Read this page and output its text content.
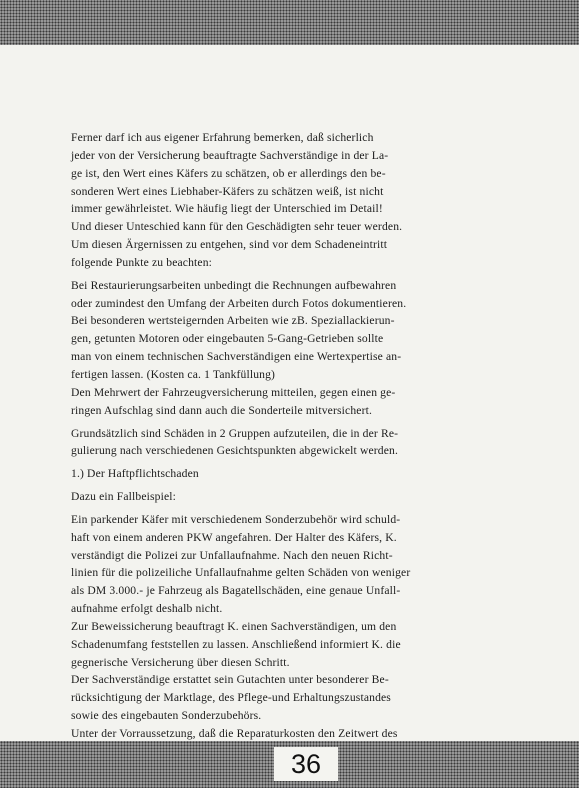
Ferner darf ich aus eigener Erfahrung bemerken, daß sicherlich

jeder von der Versicherung beauftragte Sachverständige in der La-

ge ist, den Wert eines Käfers zu schätzen, ob er allerdings den be-

sonderen Wert eines Liebhaber-Käfers zu schätzen weiß, ist nicht

immer gewährleistet. Wie häufig liegt der Unterschied im Detail!

Und dieser Unteschied kann für den Geschädigten sehr teuer werden.

Um diesen Ärgernissen zu entgehen, sind vor dem Schadeneintritt

folgende Punkte zu beachten:

Bei Restaurierungsarbeiten unbedingt die Rechnungen aufbewahren

oder zumindest den Umfang der Arbeiten durch Fotos dokumentieren.

Bei besonderen wertsteigernden Arbeiten wie zB. Speziallackierun-

gen, getunten Motoren oder eingebauten 5-Gang-Getrieben sollte

man von einem technischen Sachverständigen eine Wertexpertise an-

fertigen lassen. (Kosten ca. 1 Tankfüllung)

Den Mehrwert der Fahrzeugversicherung mitteilen, gegen einen ge-

ringen Aufschlag sind dann auch die Sonderteile mitversichert.

Grundsätzlich sind Schäden in 2 Gruppen aufzuteilen, die in der Re-

gulierung nach verschiedenen Gesichtspunkten abgewickelt werden.

1.) Der Haftpflichtschaden

Dazu ein Fallbeispiel:

Ein parkender Käfer mit verschiedenem Sonderzubehör wird schuld-

haft von einem anderen PKW angefahren. Der Halter des Käfers, K.

verständigt die Polizei zur Unfallaufnahme. Nach den neuen Richt-

linien für die polizeiliche Unfallaufnahme gelten Schäden von weniger

als DM 3.000.- je Fahrzeug als Bagatellschäden, eine genaue Unfall-

aufnahme erfolgt deshalb nicht.

Zur Beweissicherung beauftragt K. einen Sachverständigen, um den

Schadenumfang feststellen zu lassen. Anschließend informiert K. die

gegnerische Versicherung über diesen Schritt.

Der Sachverständige erstattet sein Gutachten unter besonderer Be-

rücksichtigung der Marktlage, des Pflege-und Erhaltungszustandes

sowie des eingebauten Sonderzubehörs.

Unter der Vorraussetzung, daß die Reparaturkosten den Zeitwert des

36
